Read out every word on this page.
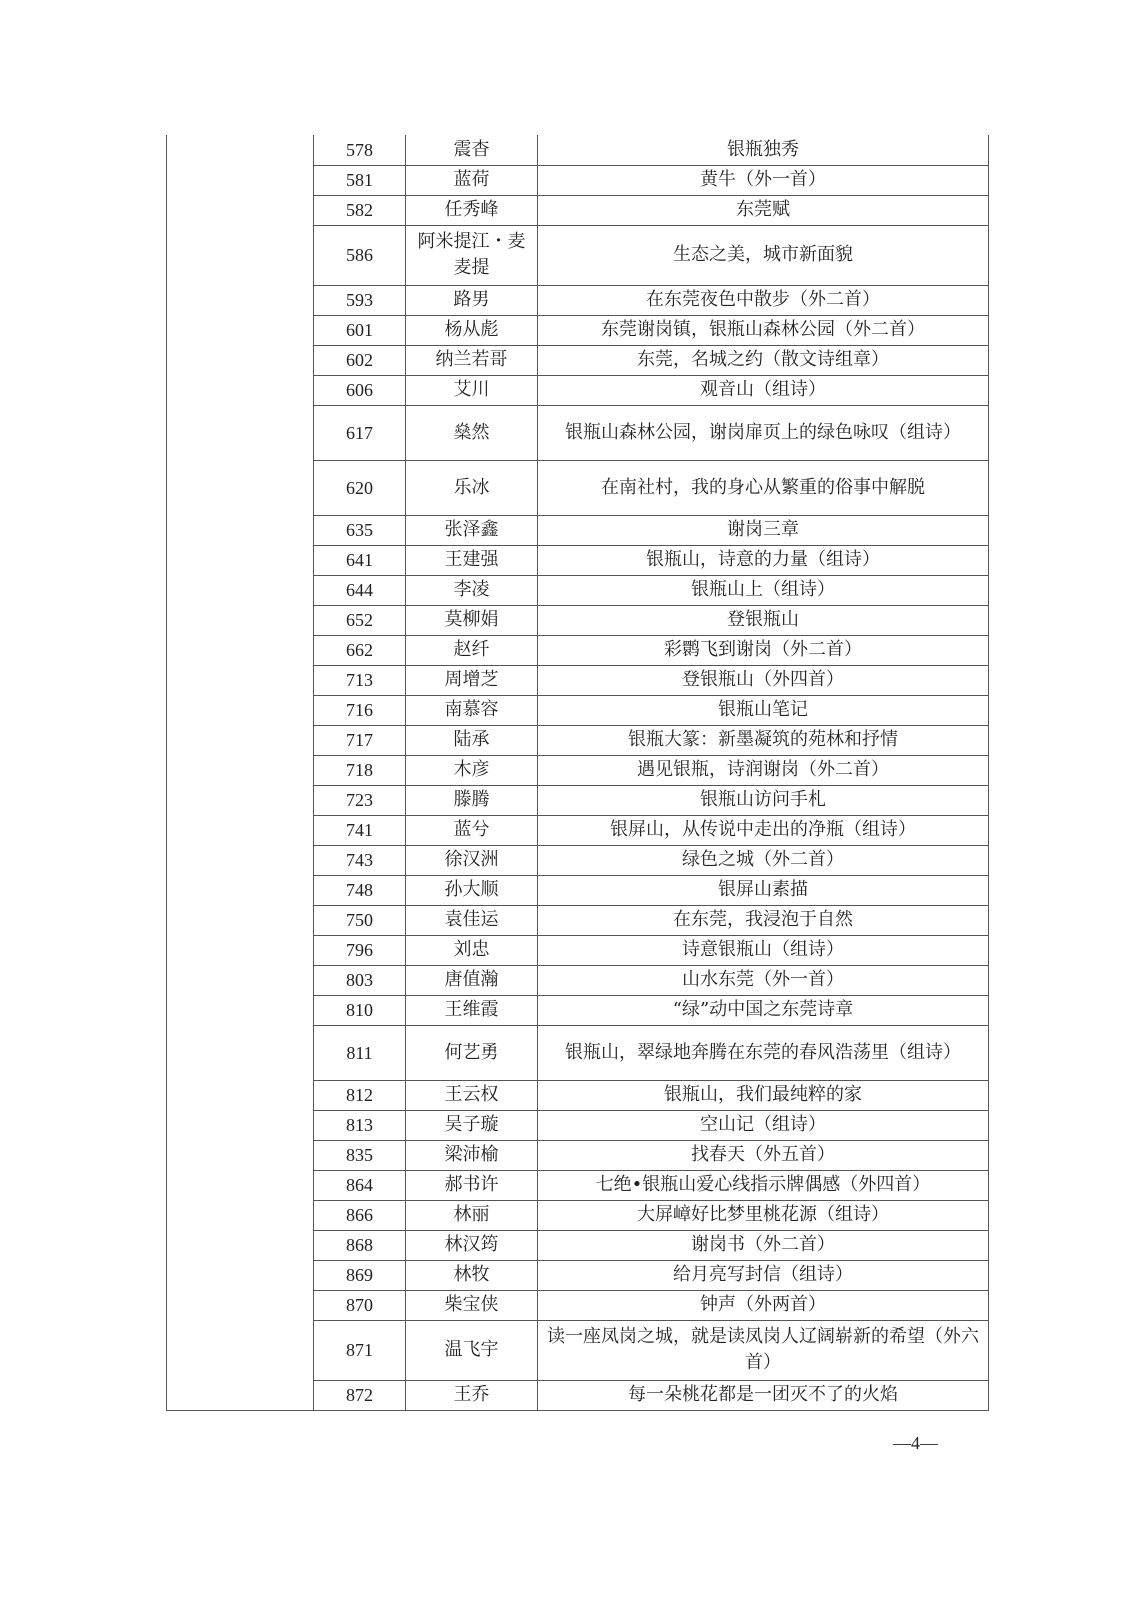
	578	震杳	银瓶独秀
	581	蓝荷	黄牛（外一首）
	582	任秀峰	东莞赋
	586	阿米提江・麦麦提	生态之美，城市新面貌
	593	路男	在东莞夜色中散步（外二首）
	601	杨从彪	东莞谢岗镇，银瓶山森林公园（外二首）
	602	纳兰若哥	东莞，名城之约（散文诗组章）
	606	艾川	观音山（组诗）
	617	燊然	银瓶山森林公园，谢岗扉页上的绿色咏叹（组诗）
	620	乐冰	在南社村，我的身心从繁重的俗事中解脱
	635	张泽鑫	谢岗三章
	641	王建强	银瓶山，诗意的力量（组诗）
	644	李凌	银瓶山上（组诗）
	652	莫柳娟	登银瓶山
	662	赵纤	彩鹮飞到谢岗（外二首）
	713	周增芝	登银瓶山（外四首）
	716	南慕容	银瓶山笔记
	717	陆承	银瓶大篆：新墨凝筑的苑林和抒情
	718	木彦	遇见银瓶，诗润谢岗（外二首）
	723	滕腾	银瓶山访问手札
	741	蓝兮	银屏山，从传说中走出的净瓶（组诗）
	743	徐汉洲	绿色之城（外二首）
	748	孙大顺	银屏山素描
	750	袁佳运	在东莞，我浸泡于自然
	796	刘忠	诗意银瓶山（组诗）
	803	唐值瀚	山水东莞（外一首）
	810	王维霞	“绿”动中国之东莞诗章
	811	何艺勇	银瓶山，翠绿地奔腾在东莞的春风浩荡里（组诗）
	812	王云权	银瓶山，我们最纯粹的家
	813	吴子璇	空山记（组诗）
	835	梁沛榆	找春天（外五首）
	864	郝书许	七绝•银瓶山爱心线指示牌偶感（外四首）
	866	林丽	大屏嶂好比梦里桃花源（组诗）
	868	林汉筠	谢岗书（外二首）
	869	林牧	给月亮写封信（组诗）
	870	柴宝侠	钟声（外两首）
	871	温飞宇	读一座凤岗之城，就是读凤岗人辽阔崭新的希望（外六首）
	872	王乔	每一朵桃花都是一团灭不了的火焰
—4—
